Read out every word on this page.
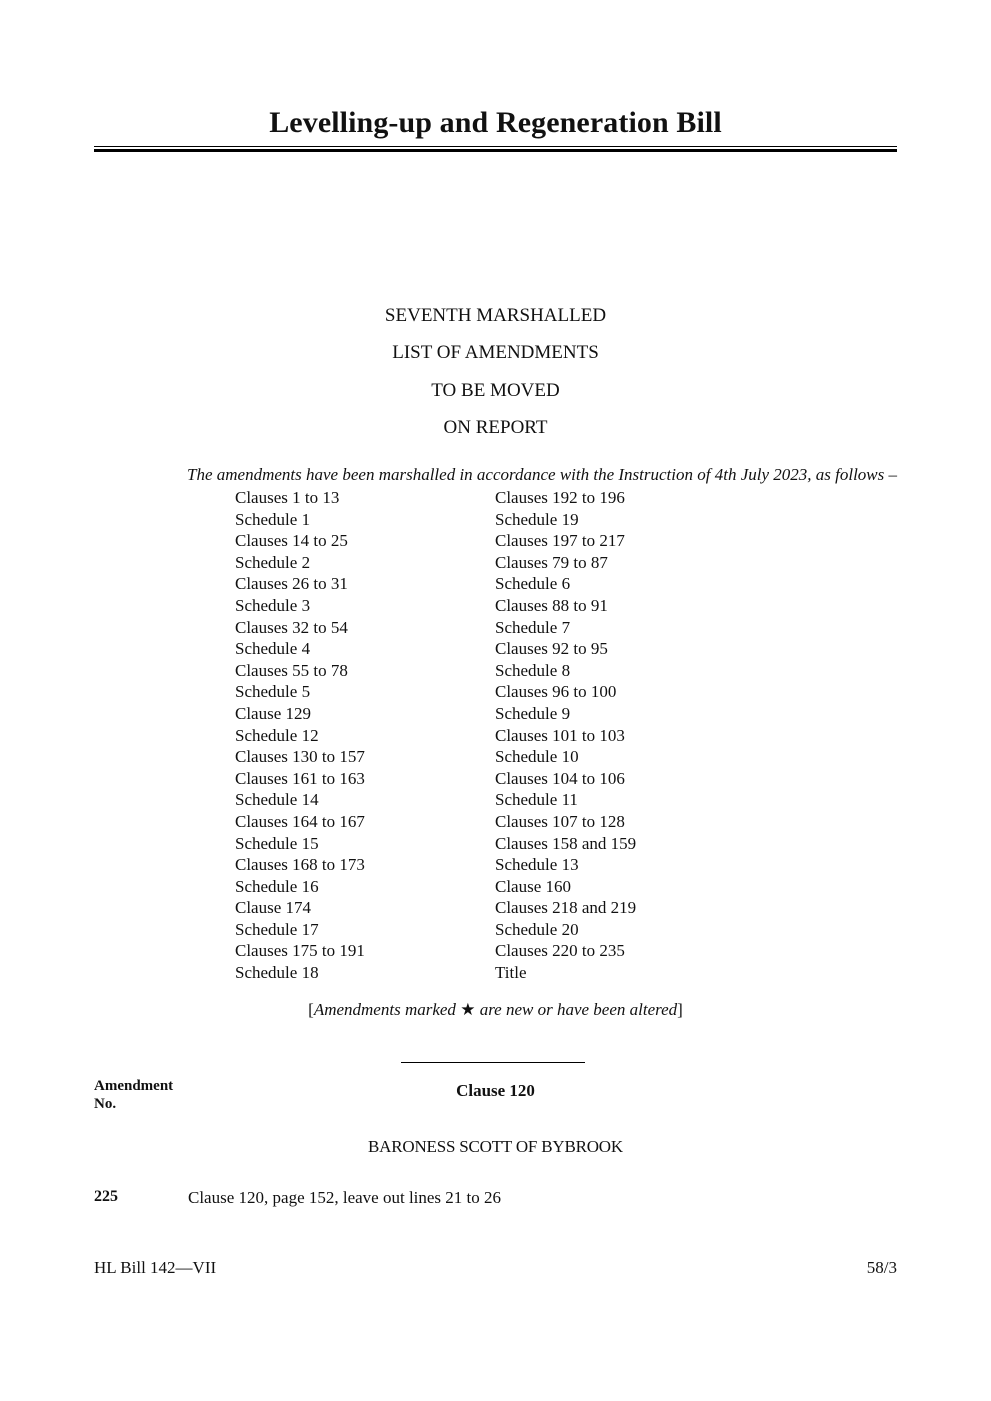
Levelling-up and Regeneration Bill
SEVENTH MARSHALLED
LIST OF AMENDMENTS
TO BE MOVED
ON REPORT
The amendments have been marshalled in accordance with the Instruction of 4th July 2023, as follows –
Clauses 1 to 13
Schedule 1
Clauses 14 to 25
Schedule 2
Clauses 26 to 31
Schedule 3
Clauses 32 to 54
Schedule 4
Clauses 55 to 78
Schedule 5
Clause 129
Schedule 12
Clauses 130 to 157
Clauses 161 to 163
Schedule 14
Clauses 164 to 167
Schedule 15
Clauses 168 to 173
Schedule 16
Clause 174
Schedule 17
Clauses 175 to 191
Schedule 18
Clauses 192 to 196
Schedule 19
Clauses 197 to 217
Clauses 79 to 87
Schedule 6
Clauses 88 to 91
Schedule 7
Clauses 92 to 95
Schedule 8
Clauses 96 to 100
Schedule 9
Clauses 101 to 103
Schedule 10
Clauses 104 to 106
Schedule 11
Clauses 107 to 128
Clauses 158 and 159
Schedule 13
Clause 160
Clauses 218 and 219
Schedule 20
Clauses 220 to 235
Title
[Amendments marked ★ are new or have been altered]
Amendment
No.
Clause 120
BARONESS SCOTT OF BYBROOK
225	Clause 120, page 152, leave out lines 21 to 26
HL Bill 142—VII	58/3
